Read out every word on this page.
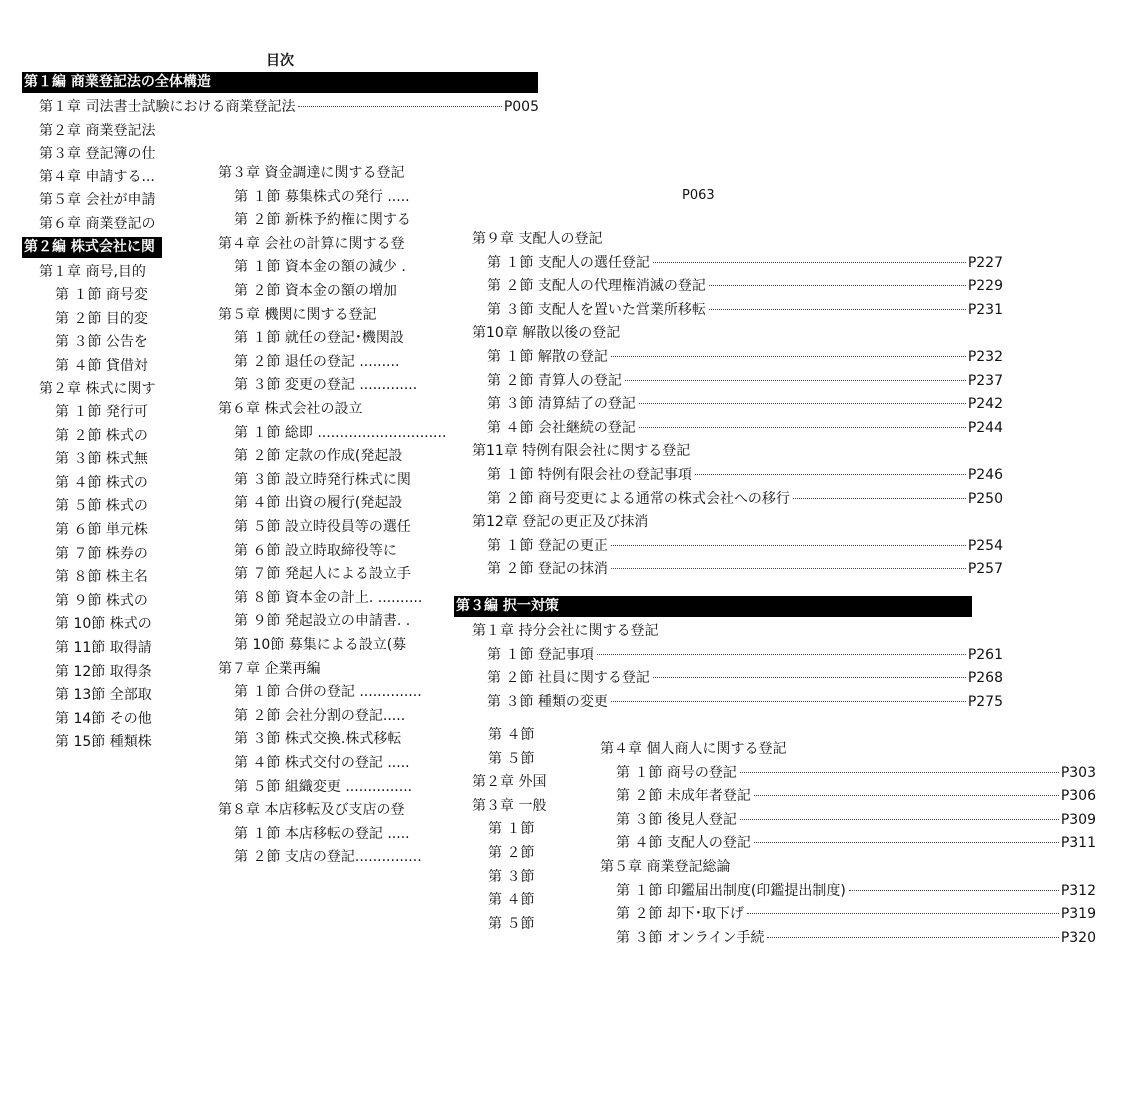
目次
P063
第１編 商業登記法の全体構造
第１章 司法書士試験における商業登記法	P005
第２章 商業登記法
第３章 登記簿の仕
第４章 申請する...
第５章 会社が申請
第６章 商業登記の
第２編 株式会社に関
第１章 商号,目的
第 １節 商号変
第 ２節 目的変
第 ３節 公告を
第 ４節 貸借対
第２章 株式に関す
第 １節 発行可
第 ２節 株式の
第 ３節 株式無
第 ４節 株式の
第 ５節 株式の
第 ６節 単元株
第 ７節 株券の
第 ８節 株主名
第 ９節 株式の
第 10節 株式の
第 11節 取得請
第 12節 取得条
第 13節 全部取
第 14節 その他
第 15節 種類株
第３章 資金調達に関する登記
第 １節 募集株式の発行 .....
第 ２節 新株予約権に関する
第４章 会社の計算に関する登
第 １節 資本金の額の減少 .
第 ２節 資本金の額の増加
第５章 機関に関する登記
第 １節 就任の登記･機関設
第 ２節 退任の登記 .........
第 ３節 変更の登記 .............
第６章 株式会社の設立
第 １節 総即 .............................
第 ２節 定款の作成(発起設
第 ３節 設立時発行株式に関
第 ４節 出資の履行(発起設
第 ５節 設立時役員等の選任
第 ６節 設立時取締役等に
第 ７節 発起人による設立手
第 ８節 資本金の計上. ..........
第 ９節 発起設立の申請書. .
第 10節 募集による設立(募
第７章 企業再編
第 １節 合併の登記 ..............
第 ２節 会社分割の登記.....
第 ３節 株式交換.株式移転
第 ４節 株式交付の登記 .....
第 ５節 組織変更 ...............
第８章 本店移転及び支店の登
第 １節 本店移転の登記 .....
第 ２節 支店の登記...............
第９章 支配人の登記
第 １節 支配人の選任登記	P227
第 ２節 支配人の代理権消滅の登記	P229
第 ３節 支配人を置いた営業所移転	P231
第10章 解散以後の登記
第 １節 解散の登記	P232
第 ２節 青算人の登記	P237
第 ３節 清算結了の登記	P242
第 ４節 会社継続の登記	P244
第11章 特例有限会社に関する登記
第 １節 特例有限会社の登記事項	P246
第 ２節 商号変更による通常の株式会社への移行	P250
第12章 登記の更正及び抹消
第 １節 登記の更正	P254
第 ２節 登記の抹消	P257
第３編 択一対策
第１章 持分会社に関する登記
第 １節 登記事項	P261
第 ２節 社員に関する登記	P268
第 ３節 種類の変更	P275
第 ４節
第 ５節
第２章 外国
第３章 一般
第 １節
第 ２節
第 ３節
第 ４節
第 ５節
第４章 個人商人に関する登記
第 １節 商号の登記	P303
第 ２節 未成年者登記	P306
第 ３節 後見人登記	P309
第 ４節 支配人の登記	P311
第５章 商業登記総論
第 １節 印鑑届出制度(印鑑提出制度)	P312
第 ２節 却下･取下げ	P319
第 ３節 オンライン手続	P320
